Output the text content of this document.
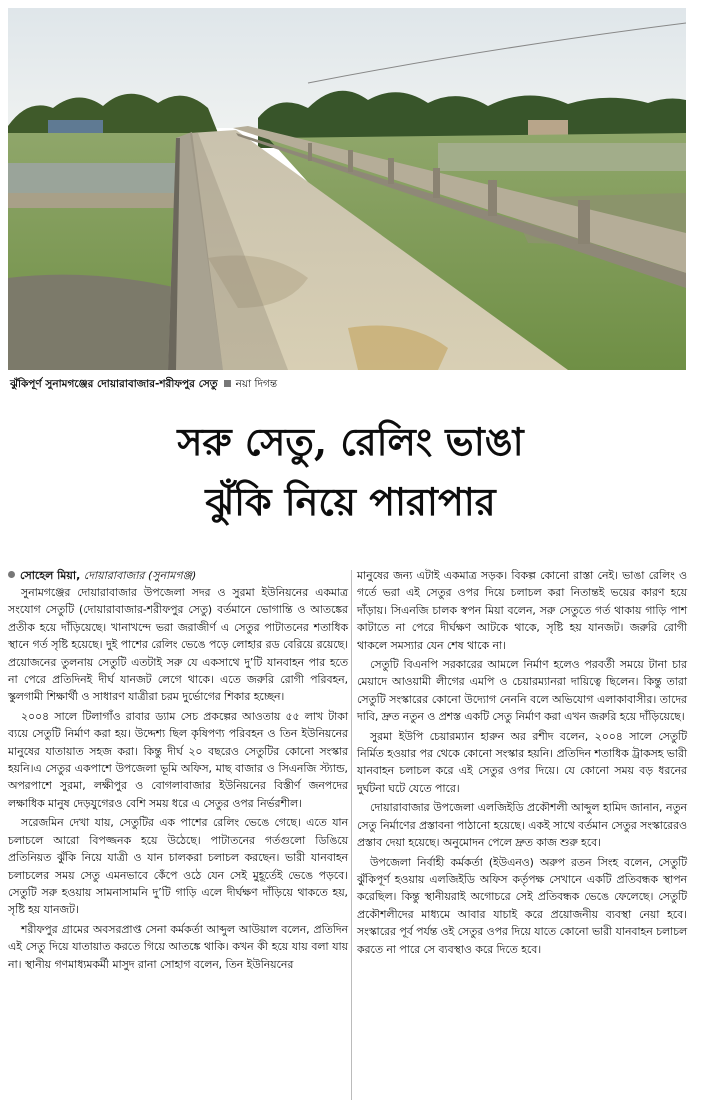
ঝুঁকিপূর্ণ সুনামগঞ্জের দোয়ারাবাজার-শরীফপুর সেতু নয়া দিগন্ত
সরু সেতু, রেলিং ভাঙা
ঝুঁকি নিয়ে পারাপার
সোহেল মিয়া, দোয়ারাবাজার (সুনামগঞ্জ)

সুনামগঞ্জের দোয়ারাবাজার উপজেলা সদর ও সুরমা ইউনিয়নের একমাত্র সংযোগ সেতুটি (দোয়ারাবাজার-শরীফপুর সেতু) বর্তমানে ভোগান্তি ও আতঙ্কের প্রতীক হয়ে দাঁড়িয়েছে। খানাখন্দে ভরা জরাজীর্ণ এ সেতুর পাটাতনের শতাধিক স্থানে গর্ত সৃষ্টি হয়েছে। দুই পাশের রেলিং ভেঙে পড়ে লোহার রড বেরিয়ে রয়েছে। প্রয়োজনের তুলনায় সেতুটি এতটাই সরু যে একসাথে দু’টি যানবাহন পার হতে না পেরে প্রতিদিনই দীর্ঘ যানজট লেগে থাকে। এতে জরুরি রোগী পরিবহন, স্কুলগামী শিক্ষার্থী ও সাধারণ যাত্রীরা চরম দুর্ভোগের শিকার হচ্ছেন।

২০০৪ সালে টিলাগাঁও রাবার ড্যাম সেচ প্রকল্পের আওতায় ৫৫ লাখ টাকা ব্যয়ে সেতুটি নির্মাণ করা হয়। উদ্দেশ্য ছিল কৃষিপণ্য পরিবহন ও তিন ইউনিয়নের মানুষের যাতায়াত সহজ করা। কিন্তু দীর্ঘ ২০ বছরেও সেতুটির কোনো সংস্কার হয়নি।এ সেতুর একপাশে উপজেলা ভূমি অফিস, মাছ বাজার ও সিএনজি স্ট্যান্ড, অপরপাশে সুরমা, লক্ষীপুর ও বোগলাবাজার ইউনিয়নের বিস্তীর্ণ জনপদের লক্ষাধিক মানুষ দেড়যুগেরও বেশি সময় ধরে এ সেতুর ওপর নির্ভরশীল।

সরেজমিন দেখা যায়, সেতুটির এক পাশের রেলিং ভেঙে গেছে। এতে যান চলাচলে আরো বিপজ্জনক হয়ে উঠেছে। পাটাতনের গর্তগুলো ডিঙিয়ে প্রতিনিয়ত ঝুঁকি নিয়ে যাত্রী ও যান চালকরা চলাচল করছেন। ভারী যানবাহন চলাচলের সময় সেতু এমনভাবে কেঁপে ওঠে যেন সেই মুহূর্তেই ভেঙে পড়বে। সেতুটি সরু হওয়ায় সামনাসামনি দু’টি গাড়ি এলে দীর্ঘক্ষণ দাঁড়িয়ে থাকতে হয়, সৃষ্টি হয় যানজট।

শরীফপুর গ্রামের অবসরপ্রাপ্ত সেনা কর্মকর্তা আব্দুল আউয়াল বলেন, প্রতিদিন এই সেতু দিয়ে যাতায়াত করতে গিয়ে আতঙ্কে থাকি। কখন কী হয়ে যায় বলা যায় না। স্থানীয় গণমাধ্যমকর্মী মাসুদ রানা সোহাগ বলেন, তিন ইউনিয়নের

মানুষের জন্য এটাই একমাত্র সড়ক। বিকল্প কোনো রাস্তা নেই। ভাঙা রেলিং ও গর্তে ভরা এই সেতুর ওপর দিয়ে চলাচল করা নিতান্তই ভয়ের কারণ হয়ে দাঁড়ায়। সিএনজি চালক স্বপন মিয়া বলেন, সরু সেতুতে গর্ত থাকায় গাড়ি পাশ কাটাতে না পেরে দীর্ঘক্ষণ আটকে থাকে, সৃষ্টি হয় যানজট। জরুরি রোগী থাকলে সমস্যার যেন শেষ থাকে না।

সেতুটি বিএনপি সরকারের আমলে নির্মাণ হলেও পরবর্তী সময়ে টানা চার মেয়াদে আওয়ামী লীগের এমপি ও চেয়ারম্যানরা দায়িত্বে ছিলেন। কিন্তু তারা সেতুটি সংস্কারের কোনো উদ্যোগ নেননি বলে অভিযোগ এলাকাবাসীর। তাদের দাবি, দ্রুত নতুন ও প্রশস্ত একটি সেতু নির্মাণ করা এখন জরুরি হয়ে দাঁড়িয়েছে।

সুরমা ইউপি চেয়ারম্যান হারুন অর রশীদ বলেন, ২০০৪ সালে সেতুটি নির্মিত হওয়ার পর থেকে কোনো সংস্কার হয়নি। প্রতিদিন শতাধিক ট্রাকসহ ভারী যানবাহন চলাচল করে এই সেতুর ওপর দিয়ে। যে কোনো সময় বড় ধরনের দুর্ঘটনা ঘটে যেতে পারে।

দোয়ারাবাজার উপজেলা এলজিইডি প্রকৌশলী আব্দুল হামিদ জানান, নতুন সেতু নির্মাণের প্রস্তাবনা পাঠানো হয়েছে। একই সাথে বর্তমান সেতুর সংস্কারেরও প্রস্তাব দেয়া হয়েছে। অনুমোদন পেলে দ্রুত কাজ শুরু হবে।

উপজেলা নির্বাহী কর্মকর্তা (ইউএনও) অরুপ রতন সিংহ বলেন, সেতুটি ঝুঁকিপূর্ণ হওয়ায় এলজিইডি অফিস কর্তৃপক্ষ সেখানে একটি প্রতিবন্ধক স্থাপন করেছিল। কিন্তু স্থানীয়রাই অগোচরে সেই প্রতিবন্ধক ভেঙে ফেলেছে। সেতুটি প্রকৌশলীদের মাধ্যমে আবার যাচাই করে প্রয়োজনীয় ব্যবস্থা নেয়া হবে। সংস্কারের পূর্ব পর্যন্ত ওই সেতুর ওপর দিয়ে যাতে কোনো ভারী যানবাহন চলাচল করতে না পারে সে ব্যবস্থাও করে দিতে হবে।
